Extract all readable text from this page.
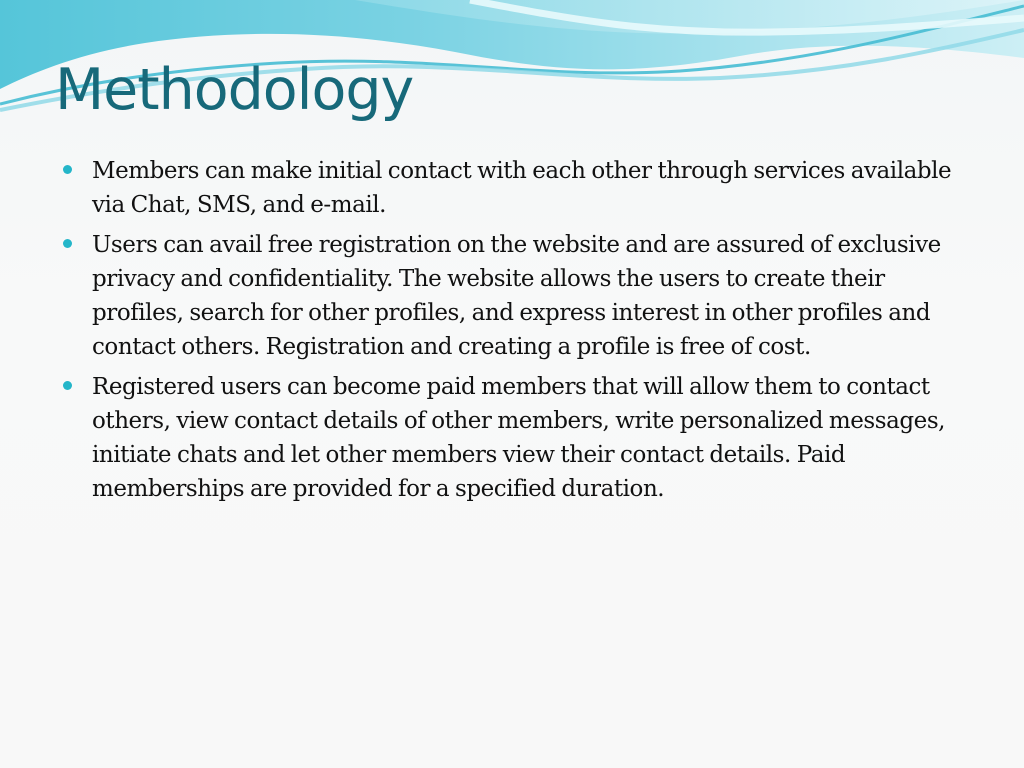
Methodology
Members can make initial contact with each other through services available via Chat, SMS, and e-mail.
Users can avail free registration on the website and are assured of exclusive privacy and confidentiality. The website allows the users to create their profiles, search for other profiles, and express interest in other profiles and contact others. Registration and creating a profile is free of cost.
Registered users can become paid members that will allow them to contact others, view contact details of other members, write personalized messages, initiate chats and let other members view their contact details. Paid memberships are provided for a specified duration.
